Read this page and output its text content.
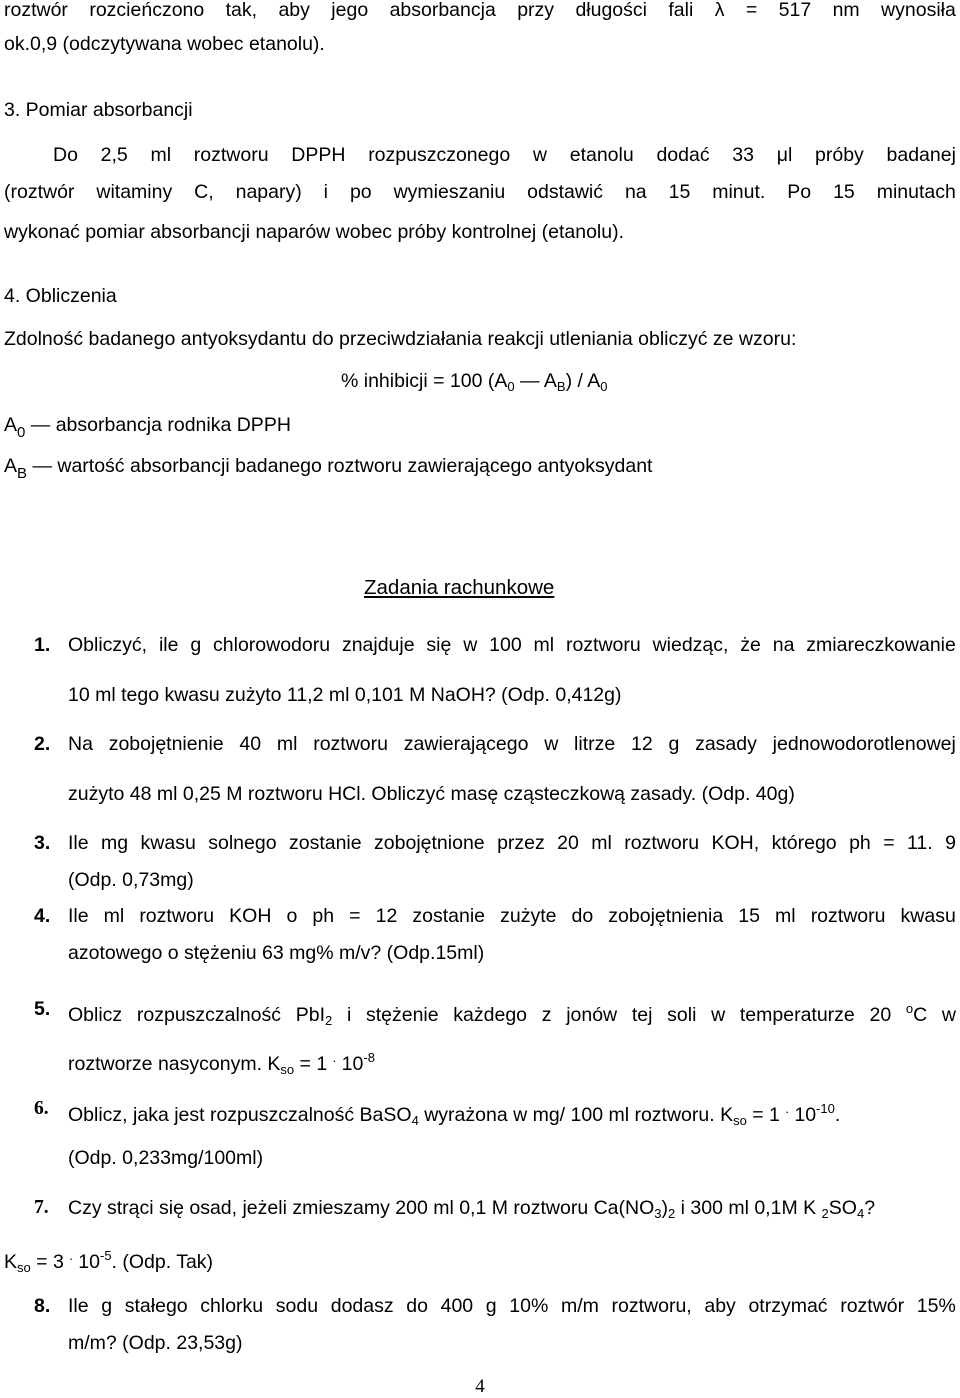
roztwór rozcieńczono tak, aby jego absorbancja przy długości fali λ = 517 nm wynosiła
ok.0,9 (odczytywana wobec etanolu).
3. Pomiar absorbancji
Do 2,5 ml roztworu DPPH rozpuszczonego w etanolu dodać 33 μl próby badanej
(roztwór witaminy C, napary) i po wymieszaniu odstawić na 15 minut. Po 15 minutach
wykonać pomiar absorbancji naparów wobec próby kontrolnej (etanolu).
4. Obliczenia
Zdolność badanego antyoksydantu do przeciwdziałania reakcji utleniania obliczyć ze wzoru:
% inhibicji = 100 ($A_0$ — $A_B) / A_0$
$A_0$ — absorbancja rodnika DPPH
$A_B$ — wartość absorbancji badanego roztworu zawierającego antyoksydant
Zadania rachunkowe
1. Obliczyć, ile g chlorowodoru znajduje się w 100 ml roztworu wiedząc, że na zmiareczkowanie
10 ml tego kwasu zużyto 11,2 ml 0,101 M NaOH? (Odp. 0,412g)
2. Na zobojętnienie 40 ml roztworu zawierającego w litrze 12 g zasady jednowodorotlenowej
zużyto 48 ml 0,25 M roztworu HCl. Obliczyć masę cząsteczkową zasady. (Odp. 40g)
3. Ile mg kwasu solnego zostanie zobojętnione przez 20 ml roztworu KOH, którego ph = 11. 9
(Odp. 0,73mg)
4. Ile ml roztworu KOH o ph = 12 zostanie zużyte do zobojętnienia 15 ml roztworu kwasu
azotowego o stężeniu 63 mg% m/v? (Odp.15ml)
5. Oblicz rozpuszczalność PbI$_2$ i stężenie każdego z jonów tej soli w temperaturze 20 $^o$C w
roztworze nasyconym. $K_{so} = 1$ . $10^{-8}$
6. Oblicz, jaka jest rozpuszczalność BaSO$_4$ wyrażona w mg/ 100 ml roztworu. $K_{so} = 1$ . $10^{-10}$.
(Odp. 0,233mg/100ml)
7. Czy strąci się osad, jeżeli zmieszamy 200 ml 0,1 M roztworu $Ca(NO_3)_2$ i 300 ml 0,1M K $_2SO_4$?
$K_{so} = 3$ . $10^{-5}$. (Odp. Tak)
8. Ile g stałego chlorku sodu dodasz do 400 g 10% m/m roztworu, aby otrzymać roztwór 15%
m/m? (Odp. 23,53g)
4
